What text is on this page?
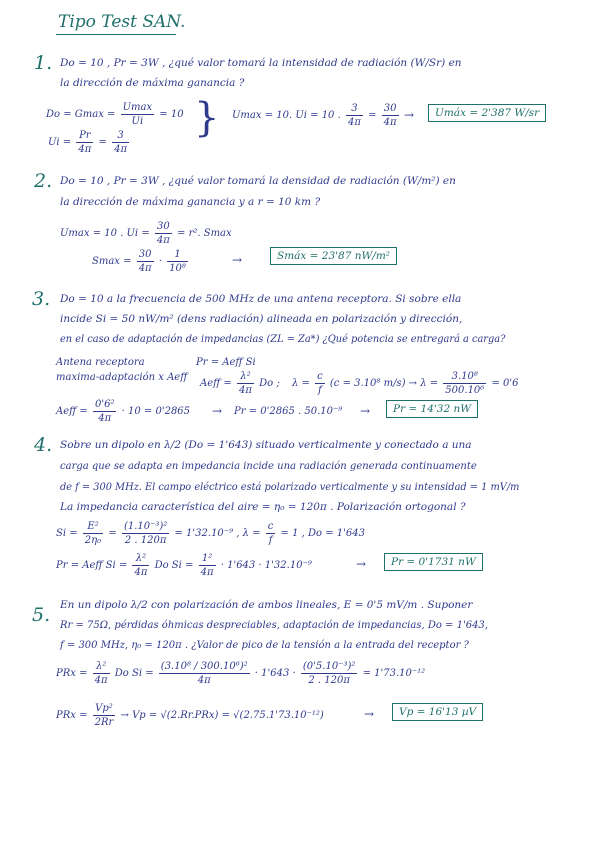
Tipo Test SAN.
1. Do = 10 , Pr = 3W , ¿qué valor tomará la intensidad de radiación (W/Sr) en
la dirección de máxima ganancia ?
$Do = Gmax = \frac{Umax}{Ui} = 10$
$Ui = \frac{Pr}{4\pi} = \frac{3}{4\pi}$
} Umax = 10. Ui = 10 . $\frac{3}{4\pi} = \frac{30}{4\pi}$ →	Umáx = 2'387 W/sr
2. Do = 10 , Pr = 3W , ¿qué valor tomará la densidad de radiación (W/m²) en
la dirección de máxima ganancia y a r = 10 km ?
Umax = 10 . $Ui = \frac{30}{4\pi} = r^2$. Smax
$Smax = \frac{30}{4\pi} \cdot \frac{1}{\text{10⁸}}$	→	Smáx = 23'87 nW/m²
3. Do = 10 a la frecuencia de 500 MHz de una antena receptora. Si sobre ella
incide Si = 50 nW/m² (dens radiación) alineada en polarización y dirección,
en el caso de adaptación de impedancias (ZL = Za*) ¿Qué potencia se entregará a carga?
Antena receptora
maxima-adaptación x Aeff
Pr = Aeff Si
Aeff = $\frac{\text{λ²}}{4\pi}$ Do ; $\lambda = \frac{c}{f} (c = 3.10^8$ $m/s) \to \lambda = \frac{\text{3.10⁸}}{\text{500.10⁶}} = 0'6$
Aeff = $\frac{\text{0'6²}}{4\pi} \cdot 10 = 0'2865 \to Pr = 0'2865$ . 50.10⁻⁹ →	Pr = 14'32 nW
4. Sobre un dipolo en λ/2 (Do = 1'643) situado verticalmente y conectado a una
carga que se adapta en impedancia incide una radiación generada continuamente
de f = 300 MHz. El campo eléctrico está polarizado verticalmente y su intensidad = 1 mV/m
La impedancia característica del aire = η₀ = 120π . Polarización ortogonal ?
$Si = \frac{\text{E²}}{\text{2η₀}} = \frac{\text{(1.10⁻³)²}}{2 . 120\pi} = 1'32.10^{-9}$ , $\lambda = \frac{c}{f} = 1$ , Do = 1'643
Pr = Aeff $Si = \frac{\text{λ²}}{4\pi}$ Do $Si = \frac{\text{1²}}{4\pi} \cdot 1'643 \cdot 1'32.10^{-9}$	→	Pr = 0'1731 nW
5. En un dipolo λ/2 con polarización de ambos lineales, E = 0'5 mV/m . Suponer
Rr = 75Ω, pérdidas óhmicas despreciables, adaptación de impedancias, Do = 1'643,
f = 300 MHz, η₀ = 120π . ¿Valor de pico de la tensión a la entrada del receptor ?
PRx = $\frac{\text{λ²}}{4\pi}$ Do $Si = \frac{\text{(3.10⁸ / 300.10⁶)²}}{4\pi} \cdot 1'643 \cdot \frac{\text{(0'5.10⁻³)²}}{2 . 120\pi} = 1'73.10^{-12}$
PRx = $\frac{\text{Vp²}}{2Rr} \to Vp = √(2.Rr.PRx) = √(2.75.1'73.10^{-12})$	→	Vp = 16'13 µV
